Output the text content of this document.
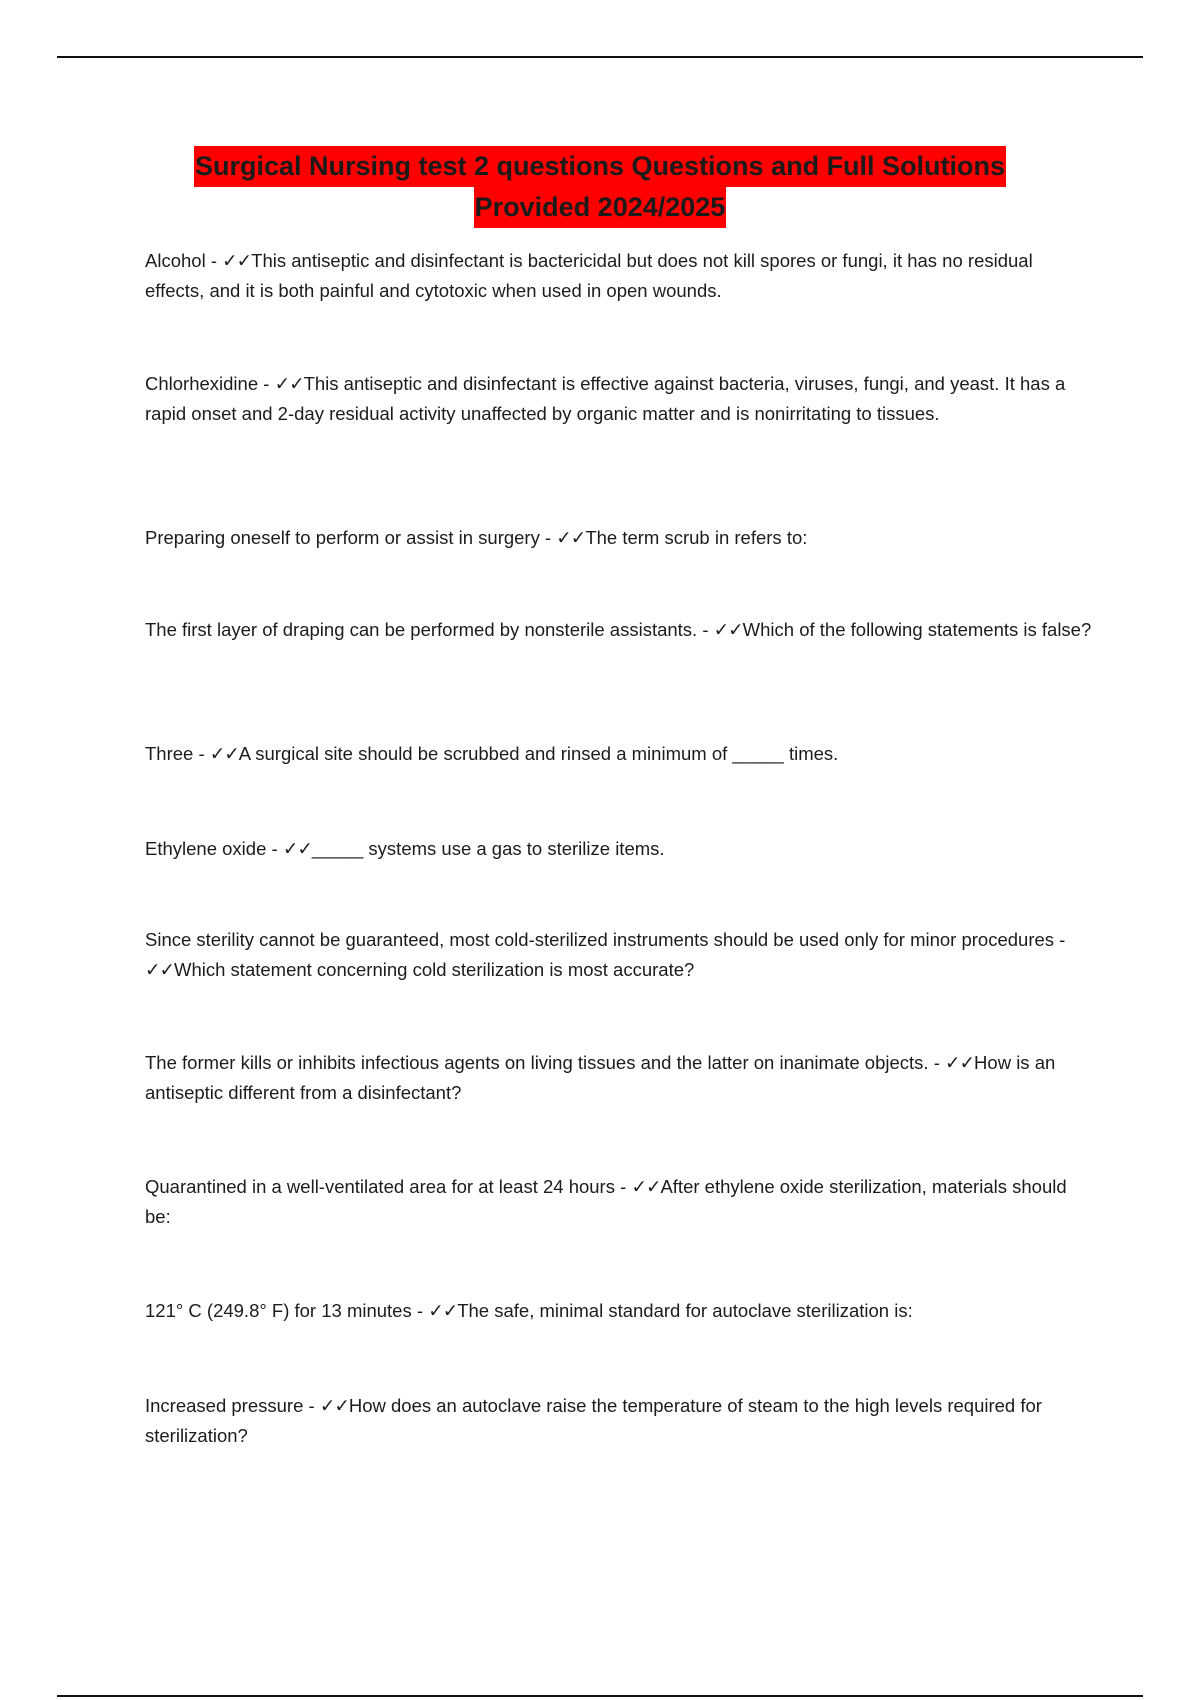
Surgical Nursing test 2 questions Questions and Full Solutions
Provided 2024/2025
Alcohol - ✓✓This antiseptic and disinfectant is bactericidal but does not kill spores or fungi, it has no residual effects, and it is both painful and cytotoxic when used in open wounds.
Chlorhexidine - ✓✓This antiseptic and disinfectant is effective against bacteria, viruses, fungi, and yeast. It has a rapid onset and 2-day residual activity unaffected by organic matter and is nonirritating to tissues.
Preparing oneself to perform or assist in surgery - ✓✓The term scrub in refers to:
The first layer of draping can be performed by nonsterile assistants. - ✓✓Which of the following statements is false?
Three - ✓✓A surgical site should be scrubbed and rinsed a minimum of _____ times.
Ethylene oxide - ✓✓_____ systems use a gas to sterilize items.
Since sterility cannot be guaranteed, most cold-sterilized instruments should be used only for minor procedures - ✓✓Which statement concerning cold sterilization is most accurate?
The former kills or inhibits infectious agents on living tissues and the latter on inanimate objects. - ✓✓How is an antiseptic different from a disinfectant?
Quarantined in a well-ventilated area for at least 24 hours - ✓✓After ethylene oxide sterilization, materials should be:
121° C (249.8° F) for 13 minutes - ✓✓The safe, minimal standard for autoclave sterilization is:
Increased pressure - ✓✓How does an autoclave raise the temperature of steam to the high levels required for sterilization?
